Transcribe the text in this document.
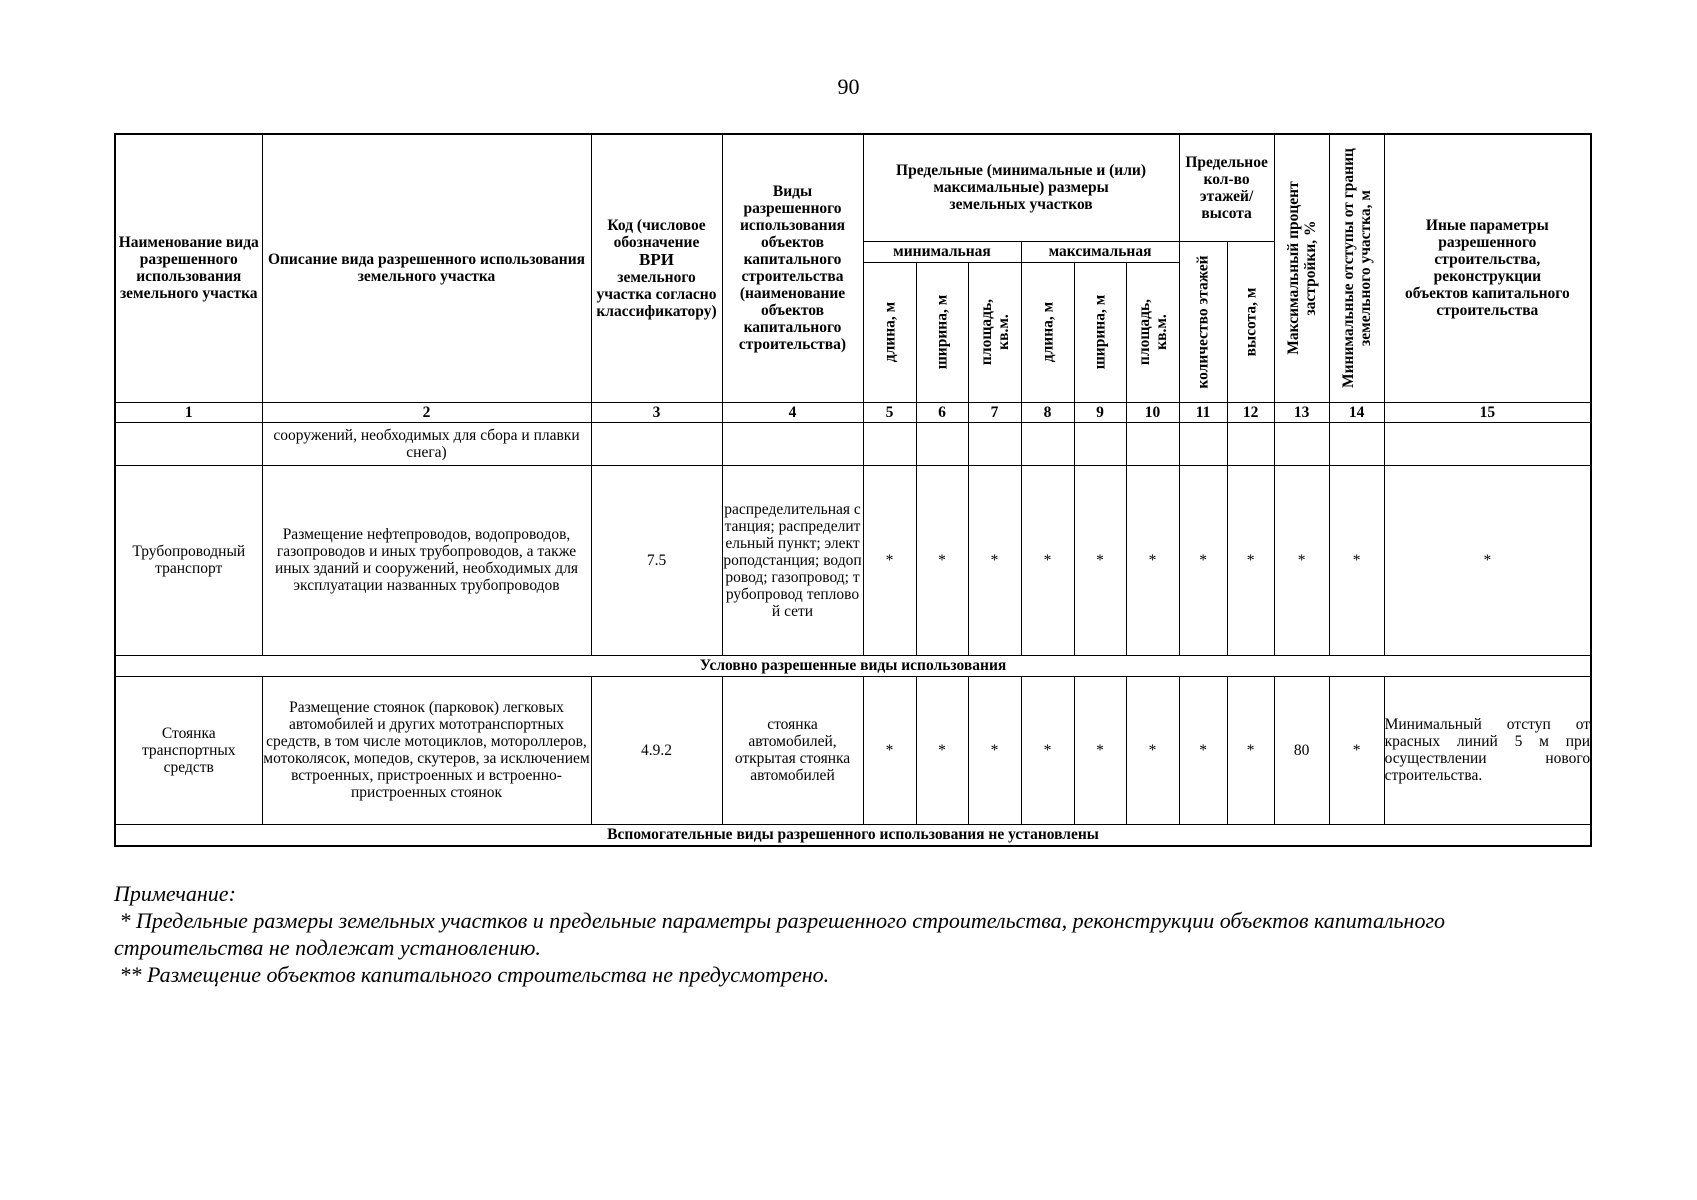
90
Наименование вида разрешенного использования земельного участка	Описание вида разрешенного использования земельного участка	Код (числовое обозначение
ВРИ
земельного участка согласно классификатору)	Виды
разрешенного использования объектов капитального строительства (наименование объектов капитального строительства)	Предельные (минимальные и (или) максимальные) размеры земельных участков						Предельное кол-во этажей/ высота		Максимальный процент застройки, %	Минимальные отступы от границ земельного участка, м	Иные параметры разрешенного строительства, реконструкции объектов капитального строительства
				минимальная			максимальная			количество этажей	высота, м			

				длина, м	ширина, м	площадь, кв.м.	длина, м	ширина, м	площадь, кв.м.					

1	2	3	4	5	6	7	8	9	10	11	12	13	14	15
	сооружений, необходимых для сбора и плавки снега)													
Трубопроводный транспорт	Размещение нефтепроводов, водопроводов, газопроводов и иных трубопроводов, а также иных зданий и сооружений, необходимых для эксплуатации названных трубопроводов	7.5	распределительная станция; распределительный пункт; электроподстанция; водопровод; газопровод; трубопровод тепловой сети	*	*	*	*	*	*	*	*	*	*	*
Условно разрешенные виды использования														
Стоянка транспортных средств	Размещение стоянок (парковок) легковых автомобилей и других мототранспортных средств, в том числе мотоциклов, мотороллеров, мотоколясок, мопедов, скутеров, за исключением встроенных, пристроенных и встроенно-пристроенных стоянок	4.9.2	стоянка автомобилей, открытая стоянка автомобилей	*	*	*	*	*	*	*	*	80	*	Минимальный отступ от красных линий 5 м при осуществлении нового строительства.
Вспомогательные виды разрешенного использования не установлены														
Примечание:
* Предельные размеры земельных участков и предельные параметры разрешенного строительства, реконструкции объектов капитального строительства не подлежат установлению.
** Размещение объектов капитального строительства не предусмотрено.
